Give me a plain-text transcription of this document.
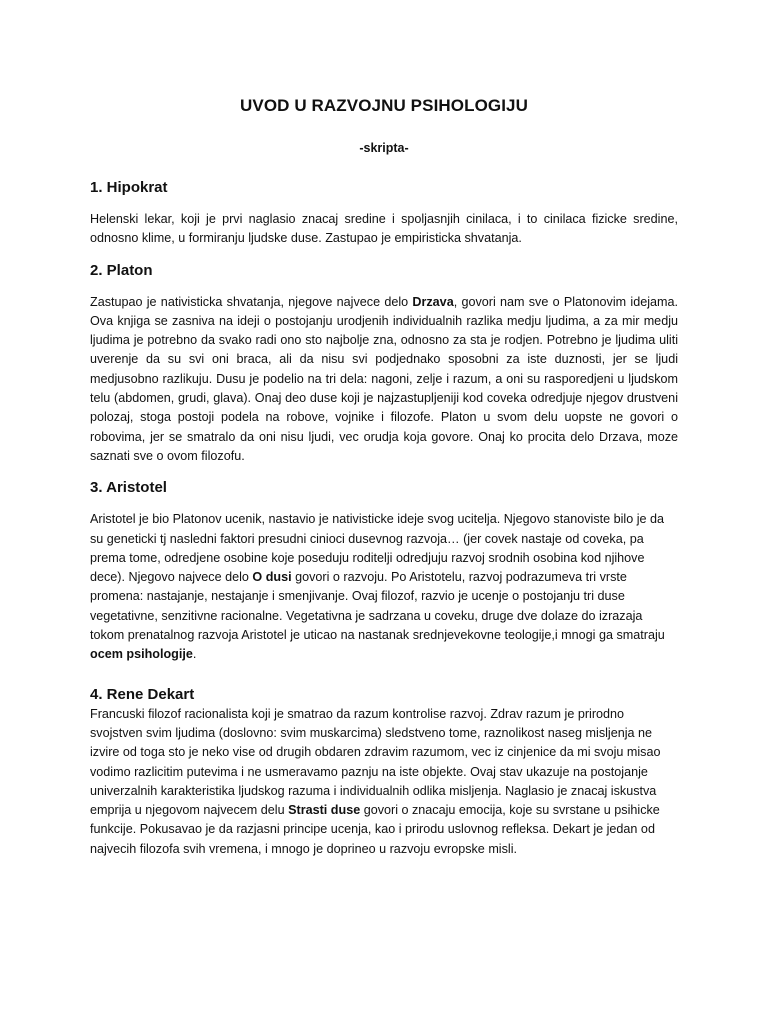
UVOD U RAZVOJNU PSIHOLOGIJU
-skripta-
1. Hipokrat

Helenski lekar, koji je prvi naglasio znacaj sredine i spoljasnjih cinilaca, i to cinilaca fizicke sredine, odnosno klime, u formiranju ljudske duse. Zastupao je empiristicka shvatanja.

2. Platon

Zastupao je nativisticka shvatanja, njegove najvece delo Drzava, govori nam sve o Platonovim idejama. Ova knjiga se zasniva na ideji o postojanju urodjenih individualnih razlika medju ljudima, a za mir medju ljudima je potrebno da svako radi ono sto najbolje zna, odnosno za sta je rodjen. Potrebno je ljudima uliti uverenje da su svi oni braca, ali da nisu svi podjednako sposobni za iste duznosti, jer se ljudi medjusobno razlikuju. Dusu je podelio na tri dela: nagoni, zelje i razum, a oni su rasporedjeni u ljudskom telu (abdomen, grudi, glava). Onaj deo duse koji je najzastupljeniji kod coveka odredjuje njegov drustveni polozaj, stoga postoji podela na robove, vojnike i filozofe. Platon u svom delu uopste ne govori o robovima, jer se smatralo da oni nisu ljudi, vec orudja koja govore. Onaj ko procita delo Drzava, moze saznati sve o ovom filozofu.

3. Aristotel

Aristotel je bio Platonov ucenik, nastavio je nativisticke ideje svog ucitelja. Njegovo stanoviste bilo je da su geneticki tj nasledni faktori presudni cinioci dusevnog razvoja… (jer covek nastaje od coveka, pa prema tome, odredjene osobine koje poseduju roditelji odredjuju razvoj srodnih osobina kod njihove dece). Njegovo najvece delo O dusi govori o razvoju. Po Aristotelu, razvoj podrazumeva tri vrste promena: nastajanje, nestajanje i smenjivanje. Ovaj filozof, razvio je ucenje o postojanju tri duse vegetativne, senzitivne racionalne. Vegetativna je sadrzana u coveku, druge dve dolaze do izrazaja tokom prenatalnog razvoja Aristotel je uticao na nastanak srednjevekovne teologije,i mnogi ga smatraju ocem psihologije.

4. Rene Dekart

Francuski filozof racionalista koji je smatrao da razum kontrolise razvoj. Zdrav razum je prirodno svojstven svim ljudima (doslovno: svim muskarcima) sledstveno tome, raznolikost naseg misljenja ne izvire od toga sto je neko vise od drugih obdaren zdravim razumom, vec iz cinjenice da mi svoju misao vodimo razlicitim putevima i ne usmeravamo paznju na iste objekte. Ovaj stav ukazuje na postojanje univerzalnih karakteristika ljudskog razuma i individualnih odlika misljenja. Naglasio je znacaj iskustva emprija u njegovom najvecem delu Strasti duse govori o znacaju emocija, koje su svrstane u psihicke funkcije. Pokusavao je da razjasni principe ucenja, kao i prirodu uslovnog refleksa. Dekart je jedan od najvecih filozofa svih vremena, i mnogo je doprineo u razvoju evropske misli.
